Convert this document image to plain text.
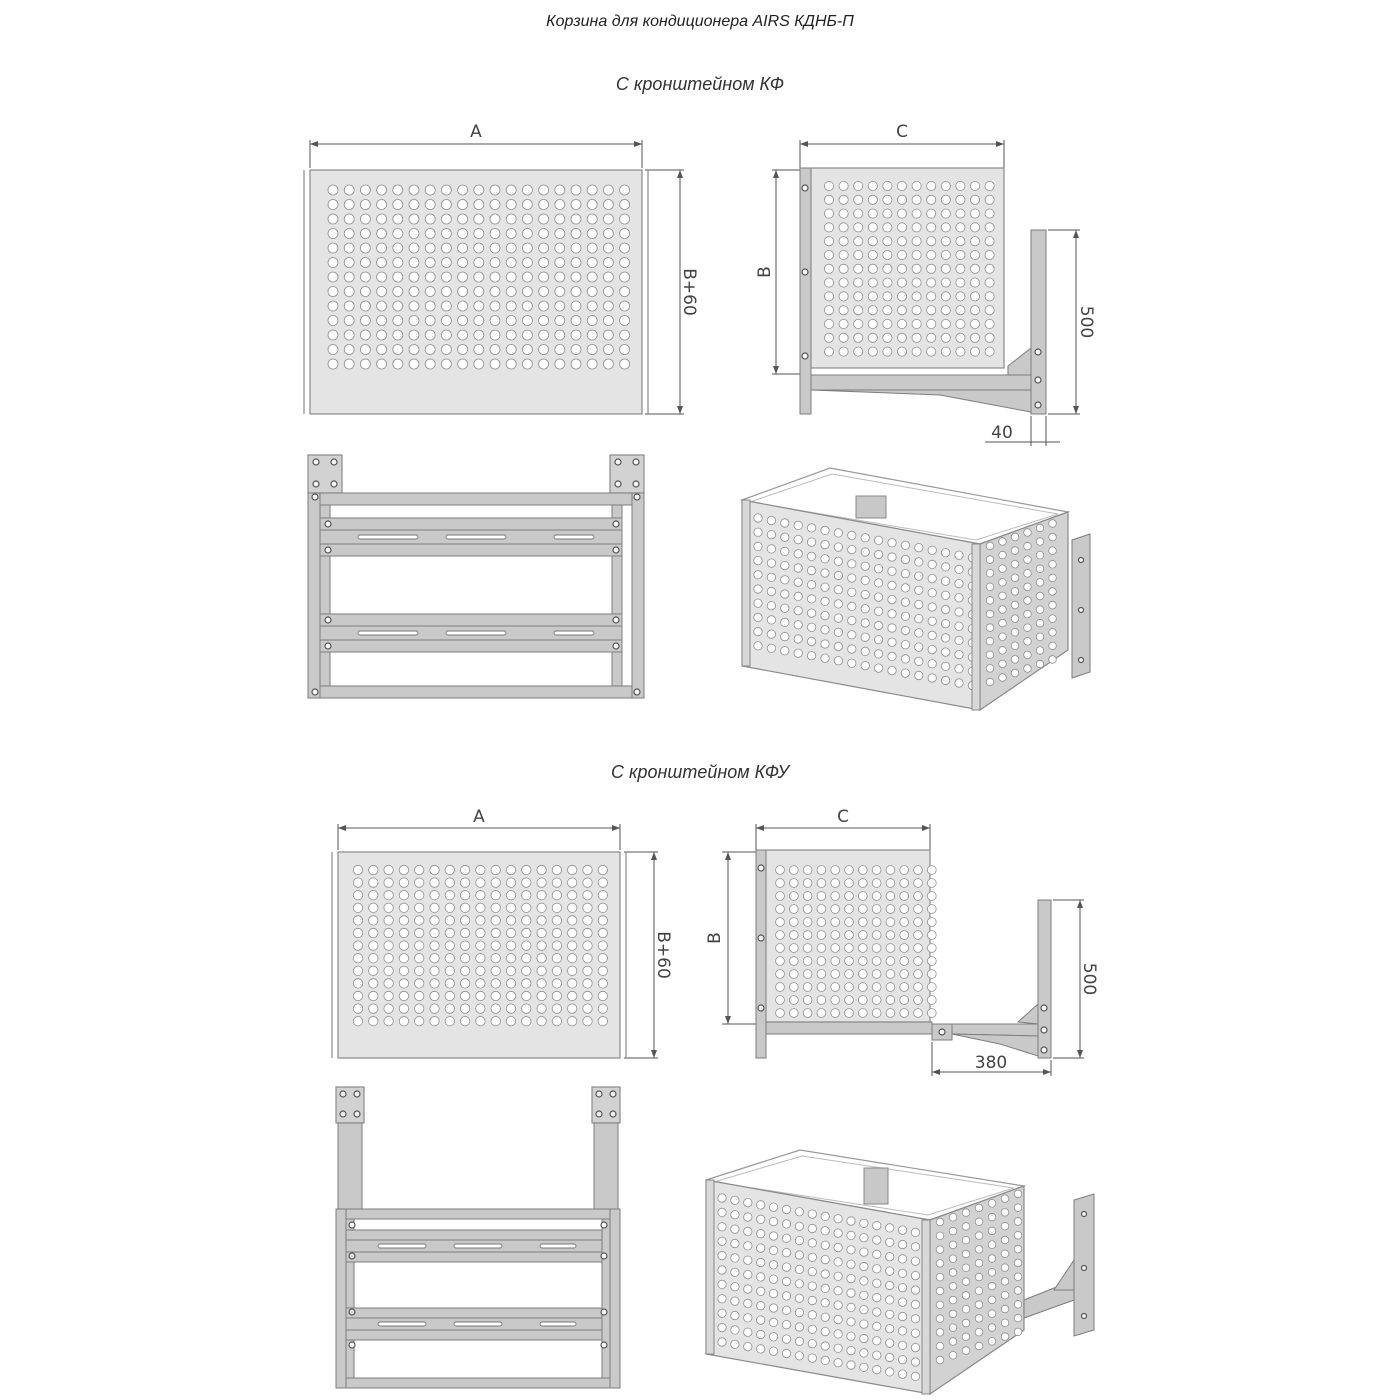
Корзина для кондиционера AIRS КДНБ-П
С кронштейном КФ
С кронштейном КФУ
A
B+60
C
B
500
40
A
B+60
C
B
500
380
